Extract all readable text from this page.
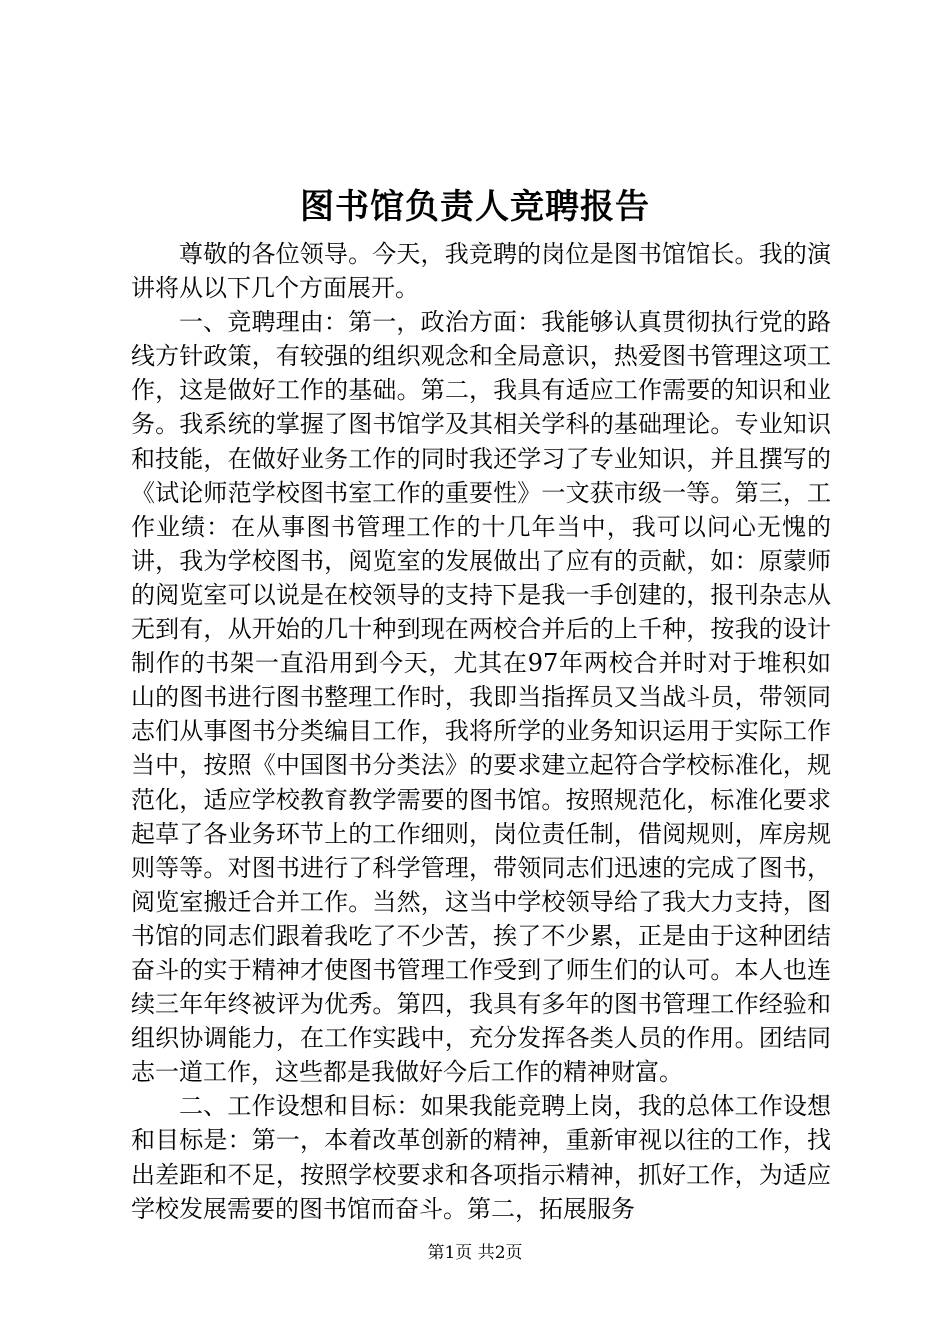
图书馆负责人竞聘报告

尊敬的各位领导。今天，我竞聘的岗位是图书馆馆长。我的演讲将从以下几个方面展开。

一、竞聘理由：第一，政治方面：我能够认真贯彻执行党的路线方针政策，有较强的组织观念和全局意识，热爱图书管理这项工作，这是做好工作的基础。第二，我具有适应工作需要的知识和业务。我系统的掌握了图书馆学及其相关学科的基础理论。专业知识和技能，在做好业务工作的同时我还学习了专业知识，并且撰写的《试论师范学校图书室工作的重要性》一文获市级一等。第三，工作业绩：在从事图书管理工作的十几年当中，我可以问心无愧的讲，我为学校图书，阅览室的发展做出了应有的贡献，如：原蒙师的阅览室可以说是在校领导的支持下是我一手创建的，报刊杂志从无到有，从开始的几十种到现在两校合并后的上千种，按我的设计制作的书架一直沿用到今天，尤其在97年两校合并时对于堆积如山的图书进行图书整理工作时，我即当指挥员又当战斗员，带领同志们从事图书分类编目工作，我将所学的业务知识运用于实际工作当中，按照《中国图书分类法》的要求建立起符合学校标准化，规范化，适应学校教育教学需要的图书馆。按照规范化，标准化要求起草了各业务环节上的工作细则，岗位责任制，借阅规则，库房规则等等。对图书进行了科学管理，带领同志们迅速的完成了图书，阅览室搬迁合并工作。当然，这当中学校领导给了我大力支持，图书馆的同志们跟着我吃了不少苦，挨了不少累，正是由于这种团结奋斗的实于精神才使图书管理工作受到了师生们的认可。本人也连续三年年终被评为优秀。第四，我具有多年的图书管理工作经验和组织协调能力，在工作实践中，充分发挥各类人员的作用。团结同志一道工作，这些都是我做好今后工作的精神财富。

二、工作设想和目标：如果我能竞聘上岗，我的总体工作设想和目标是：第一，本着改革创新的精神，重新审视以往的工作，找出差距和不足，按照学校要求和各项指示精神，抓好工作，为适应学校发展需要的图书馆而奋斗。第二，拓展服务

第1页 共2页
